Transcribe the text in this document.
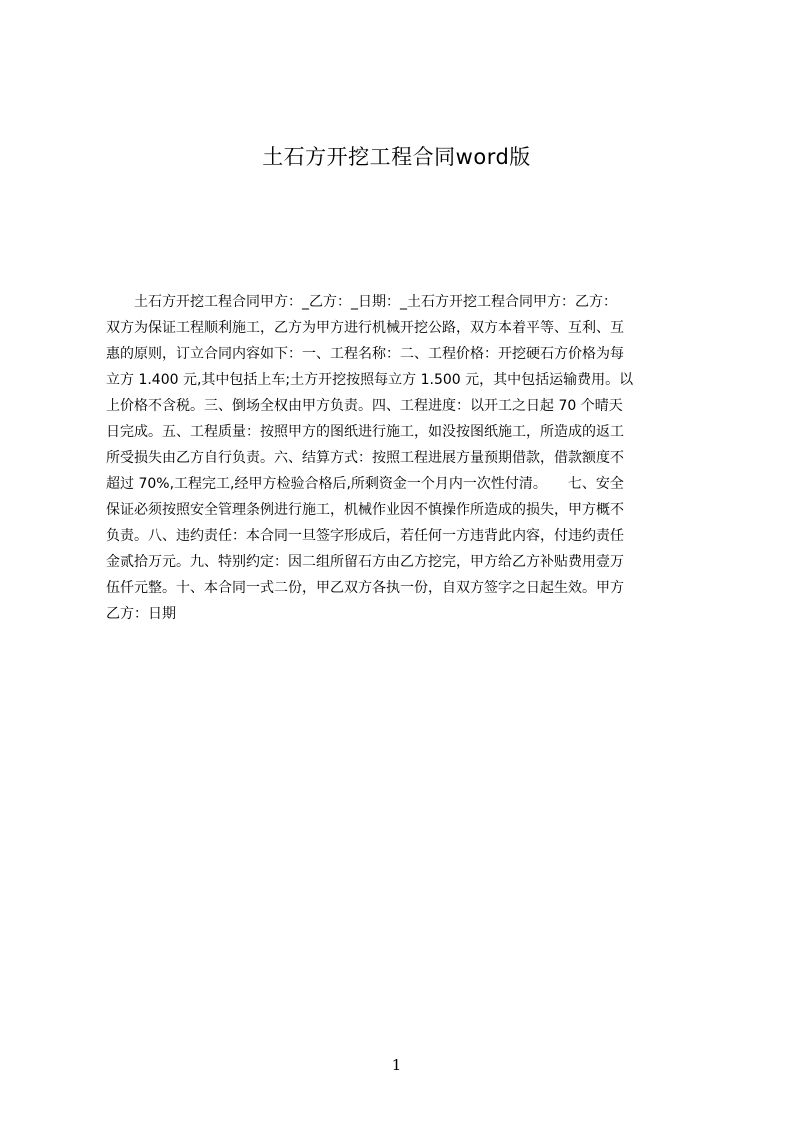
土石方开挖工程合同word版
　　土石方开挖工程合同甲方：_乙方：_日期：_土石方开挖工程合同甲方：乙方：
双方为保证工程顺利施工，乙方为甲方进行机械开挖公路，双方本着平等、互利、互
惠的原则，订立合同内容如下：一、工程名称：二、工程价格：开挖硬石方价格为每
立方 1.400 元,其中包括上车;土方开挖按照每立方 1.500 元，其中包括运输费用。以
上价格不含税。三、倒场全权由甲方负责。四、工程进度：以开工之日起 70 个晴天
日完成。五、工程质量：按照甲方的图纸进行施工，如没按图纸施工，所造成的返工
所受损失由乙方自行负责。六、结算方式：按照工程进展方量预期借款，借款额度不
超过 70%,工程完工,经甲方检验合格后,所剩资金一个月内一次性付清。　　七、安全
保证必须按照安全管理条例进行施工，机械作业因不慎操作所造成的损失，甲方概不
负责。八、违约责任：本合同一旦签字形成后，若任何一方违背此内容，付违约责任
金贰拾万元。九、特别约定：因二组所留石方由乙方挖完，甲方给乙方补贴费用壹万
伍仟元整。十、本合同一式二份，甲乙双方各执一份，自双方签字之日起生效。甲方
乙方：日期
1
